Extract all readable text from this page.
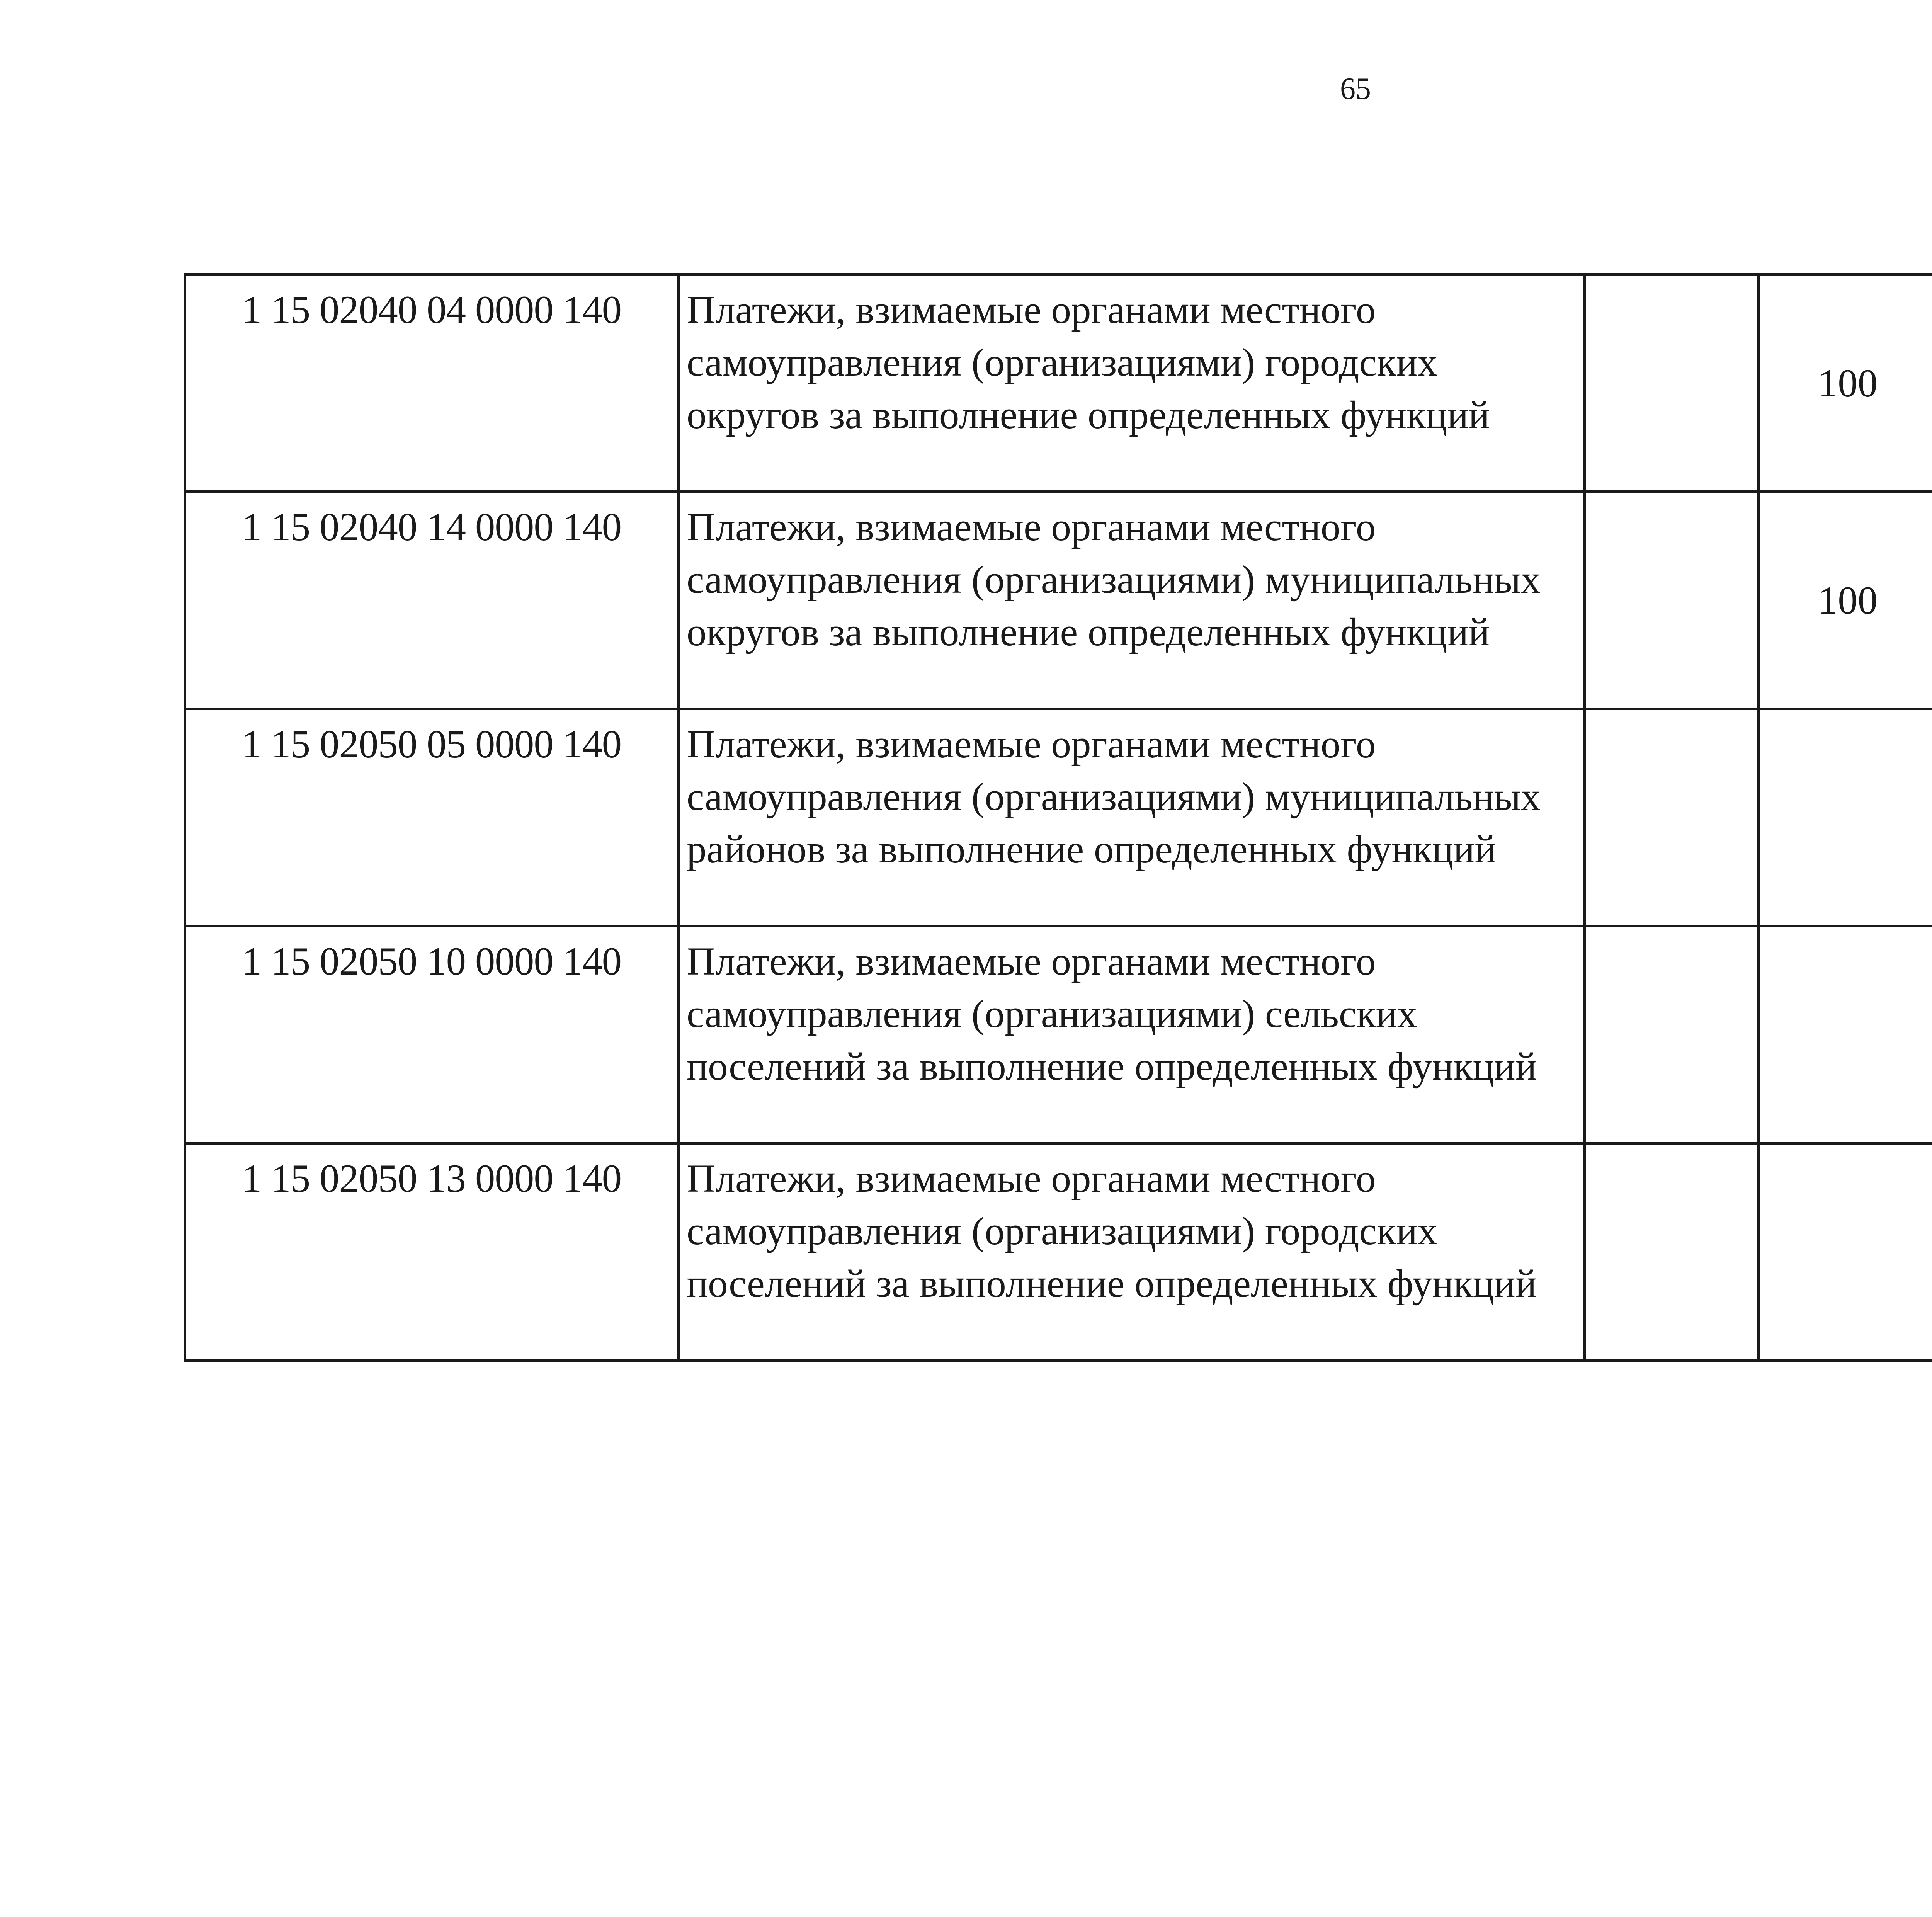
65
1 15 02040 04 0000 140	Платежи, взимаемые органами местного самоуправления (организациями) городских округов за выполнение определенных функций		100			
1 15 02040 14 0000 140	Платежи, взимаемые органами местного самоуправления (организациями) муниципальных округов за выполнение определенных функций		100			
1 15 02050 05 0000 140	Платежи, взимаемые органами местного самоуправления (организациями) муниципальных районов за выполнение определенных функций					
1 15 02050 10 0000 140	Платежи, взимаемые органами местного самоуправления (организациями) сельских поселений за выполнение определенных функций					
1 15 02050 13 0000 140	Платежи, взимаемые органами местного самоуправления (организациями) городских поселений за выполнение определенных функций					
